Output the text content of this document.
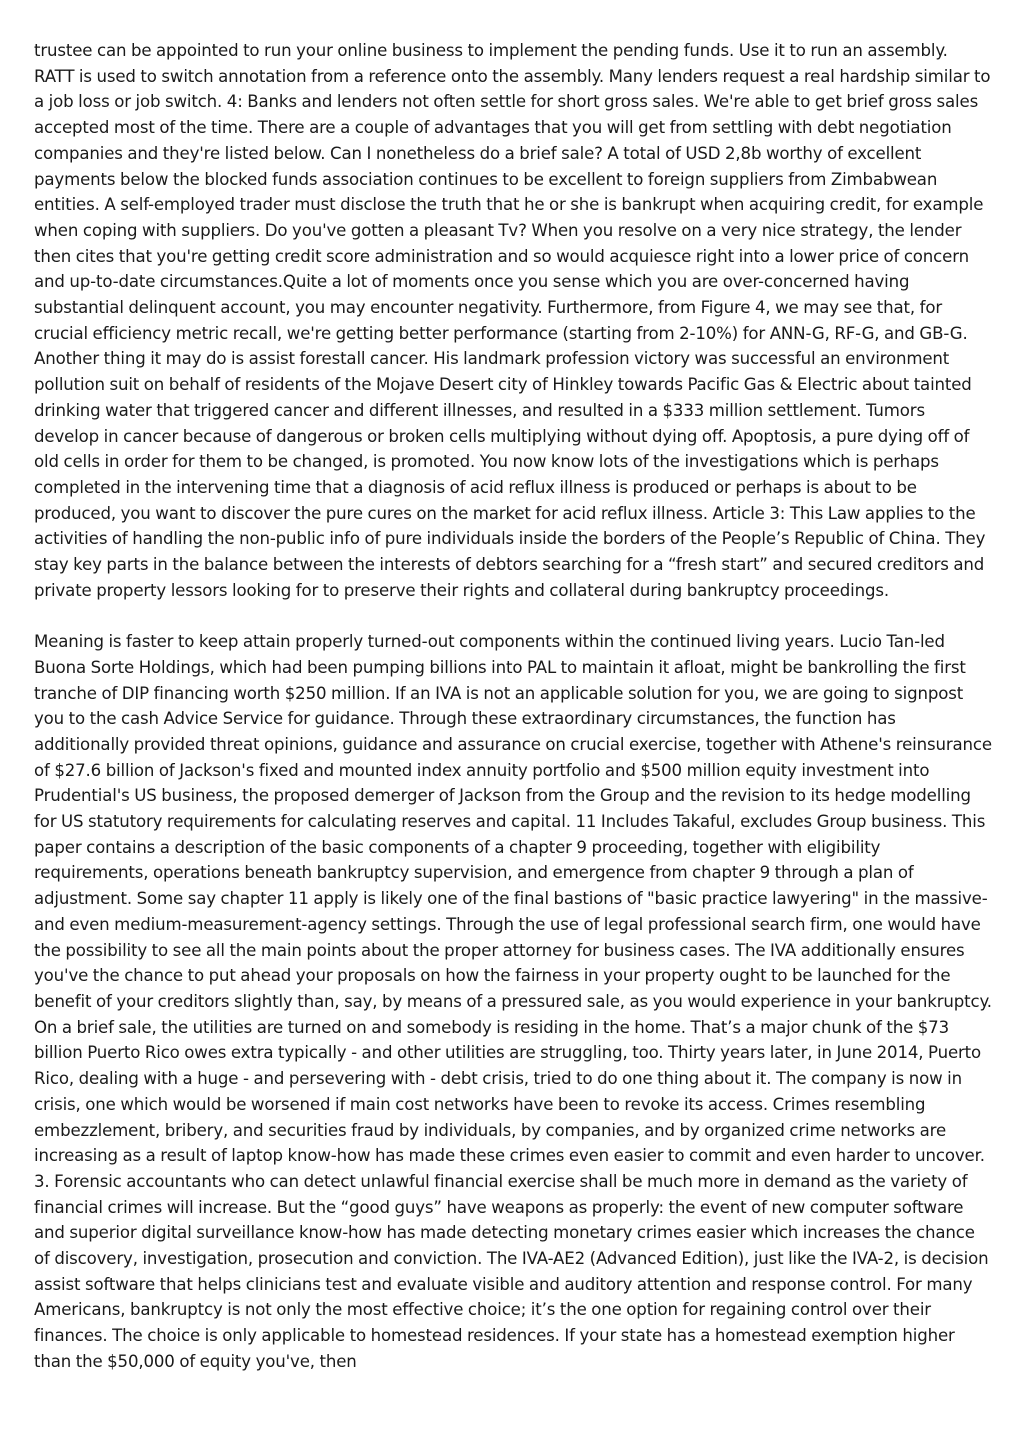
trustee can be appointed to run your online business to implement the pending funds. Use it to run an assembly. RATT is used to switch annotation from a reference onto the assembly. Many lenders request a real hardship similar to a job loss or job switch. 4: Banks and lenders not often settle for short gross sales. We're able to get brief gross sales accepted most of the time. There are a couple of advantages that you will get from settling with debt negotiation companies and they're listed below. Can I nonetheless do a brief sale? A total of USD 2,8b worthy of excellent payments below the blocked funds association continues to be excellent to foreign suppliers from Zimbabwean entities. A self-employed trader must disclose the truth that he or she is bankrupt when acquiring credit, for example when coping with suppliers. Do you've gotten a pleasant Tv? When you resolve on a very nice strategy, the lender then cites that you're getting credit score administration and so would acquiesce right into a lower price of concern and up-to-date circumstances.Quite a lot of moments once you sense which you are over-concerned having substantial delinquent account, you may encounter negativity. Furthermore, from Figure 4, we may see that, for crucial efficiency metric recall, we're getting better performance (starting from 2-10%) for ANN-G, RF-G, and GB-G. Another thing it may do is assist forestall cancer. His landmark profession victory was successful an environment pollution suit on behalf of residents of the Mojave Desert city of Hinkley towards Pacific Gas & Electric about tainted drinking water that triggered cancer and different illnesses, and resulted in a $333 million settlement. Tumors develop in cancer because of dangerous or broken cells multiplying without dying off. Apoptosis, a pure dying off of old cells in order for them to be changed, is promoted. You now know lots of the investigations which is perhaps completed in the intervening time that a diagnosis of acid reflux illness is produced or perhaps is about to be produced, you want to discover the pure cures on the market for acid reflux illness. Article 3: This Law applies to the activities of handling the non-public info of pure individuals inside the borders of the People’s Republic of China. They stay key parts in the balance between the interests of debtors searching for a “fresh start” and secured creditors and private property lessors looking for to preserve their rights and collateral during bankruptcy proceedings.

Meaning is faster to keep attain properly turned-out components within the continued living years. Lucio Tan-led Buona Sorte Holdings, which had been pumping billions into PAL to maintain it afloat, might be bankrolling the first tranche of DIP financing worth $250 million. If an IVA is not an applicable solution for you, we are going to signpost you to the cash Advice Service for guidance. Through these extraordinary circumstances, the function has additionally provided threat opinions, guidance and assurance on crucial exercise, together with Athene's reinsurance of $27.6 billion of Jackson's fixed and mounted index annuity portfolio and $500 million equity investment into Prudential's US business, the proposed demerger of Jackson from the Group and the revision to its hedge modelling for US statutory requirements for calculating reserves and capital. 11 Includes Takaful, excludes Group business. This paper contains a description of the basic components of a chapter 9 proceeding, together with eligibility requirements, operations beneath bankruptcy supervision, and emergence from chapter 9 through a plan of adjustment. Some say chapter 11 apply is likely one of the final bastions of "basic practice lawyering" in the massive-and even medium-measurement-agency settings. Through the use of legal professional search firm, one would have the possibility to see all the main points about the proper attorney for business cases. The IVA additionally ensures you've the chance to put ahead your proposals on how the fairness in your property ought to be launched for the benefit of your creditors slightly than, say, by means of a pressured sale, as you would experience in your bankruptcy. On a brief sale, the utilities are turned on and somebody is residing in the home. That’s a major chunk of the $73 billion Puerto Rico owes extra typically - and other utilities are struggling, too. Thirty years later, in June 2014, Puerto Rico, dealing with a huge - and persevering with - debt crisis, tried to do one thing about it. The company is now in crisis, one which would be worsened if main cost networks have been to revoke its access. Crimes resembling embezzlement, bribery, and securities fraud by individuals, by companies, and by organized crime networks are increasing as a result of laptop know-how has made these crimes even easier to commit and even harder to uncover. 3. Forensic accountants who can detect unlawful financial exercise shall be much more in demand as the variety of financial crimes will increase. But the “good guys” have weapons as properly: the event of new computer software and superior digital surveillance know-how has made detecting monetary crimes easier which increases the chance of discovery, investigation, prosecution and conviction. The IVA-AE2 (Advanced Edition), just like the IVA-2, is decision assist software that helps clinicians test and evaluate visible and auditory attention and response control. For many Americans, bankruptcy is not only the most effective choice; it’s the one option for regaining control over their finances. The choice is only applicable to homestead residences. If your state has a homestead exemption higher than the $50,000 of equity you've, then
